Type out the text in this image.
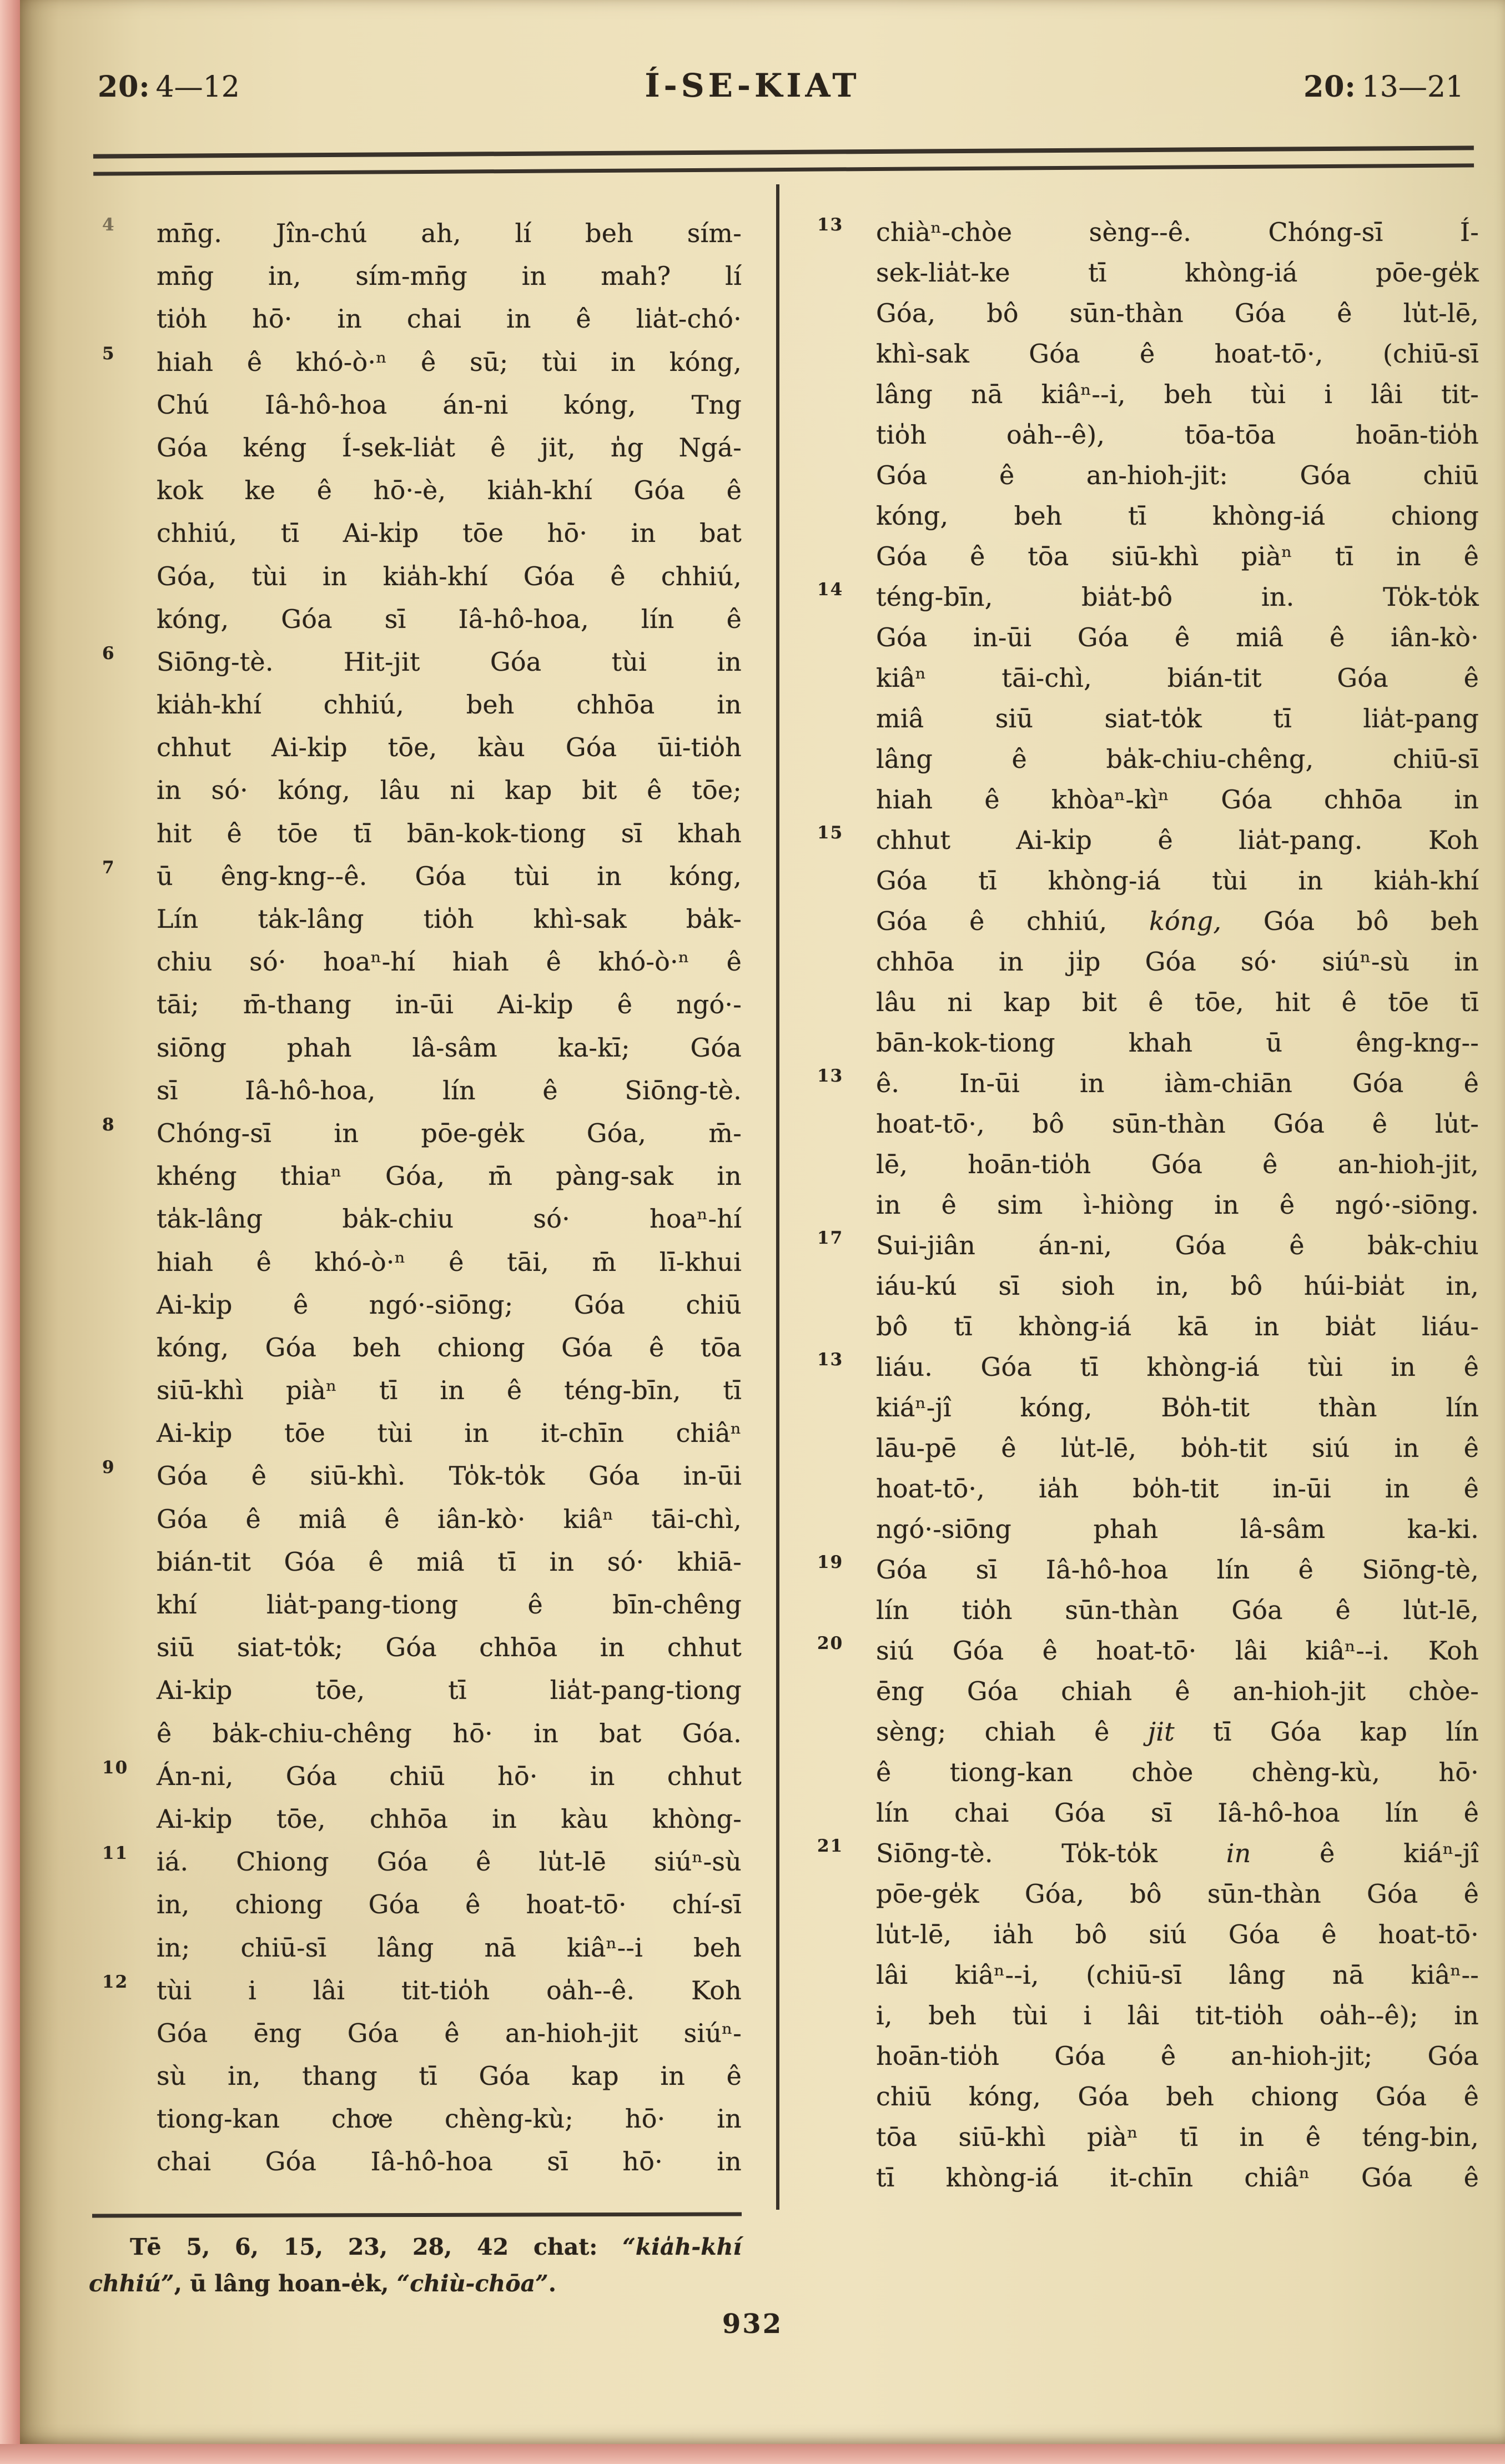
20: 4—12	Í-SE-KIAT	20: 13—21
4 mn̄g. Jîn-chú ah, lí beh sím-
mn̄g in, sím-mn̄g in mah? lí
tio̍h hō· in chai in ê lia̍t-chó·
5 hiah ê khó-ò·ⁿ ê sū; tùi in kóng,
Chú Iâ-hô-hoa án-ni kóng, Tng
Góa kéng Í-sek-lia̍t ê jit, n̍g Ngá-
kok ke ê hō·-è, kia̍h-khí Góa ê
chhiú, tī Ai-ki̍p tōe hō· in bat
Góa, tùi in kia̍h-khí Góa ê chhiú,
kóng, Góa sī Iâ-hô-hoa, lín ê
6 Siōng-tè. Hit-jit Góa tùi in
kia̍h-khí chhiú, beh chhōa in
chhut Ai-ki̍p tōe, kàu Góa ūi-tio̍h
in só· kóng, lâu ni kap bit ê tōe;
hit ê tōe tī bān-kok-tiong sī khah
7 ū êng-kng--ê. Góa tùi in kóng,
Lín ta̍k-lâng tio̍h khì-sak ba̍k-
chiu só· hoaⁿ-hí hiah ê khó-ò·ⁿ ê
tāi; m̄-thang in-ūi Ai-ki̍p ê ngó·-
siōng phah lâ-sâm ka-kī; Góa
sī Iâ-hô-hoa, lín ê Siōng-tè.
8 Chóng-sī in pōe-ge̍k Góa, m̄-
khéng thiaⁿ Góa, m̄ pàng-sak in
ta̍k-lâng ba̍k-chiu só· hoaⁿ-hí
hiah ê khó-ò·ⁿ ê tāi, m̄ lī-khui
Ai-ki̍p ê ngó·-siōng; Góa chiū
kóng, Góa beh chiong Góa ê tōa
siū-khì piàⁿ tī in ê téng-bīn, tī
Ai-ki̍p tōe tùi in it-chīn chiâⁿ
9 Góa ê siū-khì. To̍k-to̍k Góa in-ūi
Góa ê miâ ê iân-kò· kiâⁿ tāi-chì,
bián-tit Góa ê miâ tī in só· khiā-
khí lia̍t-pang-tiong ê bīn-chêng
siū siat-to̍k; Góa chhōa in chhut
Ai-ki̍p tōe, tī lia̍t-pang-tiong
ê ba̍k-chiu-chêng hō· in bat Góa.
10 Án-ni, Góa chiū hō· in chhut
Ai-ki̍p tōe, chhōa in kàu khòng-
11 iá. Chiong Góa ê lu̍t-lē siúⁿ-sù
in, chiong Góa ê hoat-tō· chí-sī
in; chiū-sī lâng nā kiâⁿ--i beh
12 tùi i lâi tit-tio̍h oa̍h--ê. Koh
Góa ēng Góa ê an-hioh-jit siúⁿ-
sù in, thang tī Góa kap in ê
tiong-kan chơe chèng-kù; hō· in
chai Góa Iâ-hô-hoa sī hō· in
13 chiàⁿ-chòe sèng--ê. Chóng-sī Í-
sek-lia̍t-ke tī khòng-iá pōe-ge̍k
Góa, bô sūn-thàn Góa ê lu̍t-lē,
khì-sak Góa ê hoat-tō·, (chiū-sī
lâng nā kiâⁿ--i, beh tùi i lâi tit-
tio̍h oa̍h--ê), tōa-tōa hoān-tio̍h
Góa ê an-hioh-jit: Góa chiū
kóng, beh tī khòng-iá chiong
Góa ê tōa siū-khì piàⁿ tī in ê
14 téng-bīn, bia̍t-bô in. To̍k-to̍k
Góa in-ūi Góa ê miâ ê iân-kò·
kiâⁿ tāi-chì, bián-tit Góa ê
miâ siū siat-to̍k tī lia̍t-pang
lâng ê ba̍k-chiu-chêng, chiū-sī
hiah ê khòaⁿ-kìⁿ Góa chhōa in
15 chhut Ai-ki̍p ê lia̍t-pang. Koh
Góa tī khòng-iá tùi in kia̍h-khí
Góa ê chhiú, kóng, Góa bô beh
chhōa in ji̍p Góa só· siúⁿ-sù in
lâu ni kap bit ê tōe, hit ê tōe tī
bān-kok-tiong khah ū êng-kng--
13 ê. In-ūi in iàm-chiān Góa ê
hoat-tō·, bô sūn-thàn Góa ê lu̍t-
lē, hoān-tio̍h Góa ê an-hioh-jit,
in ê sim ì-hiòng in ê ngó·-siōng.
17 Sui-jiân án-ni, Góa ê ba̍k-chiu
iáu-kú sī sioh in, bô húi-bia̍t in,
bô tī khòng-iá kā in bia̍t liáu-
13 liáu. Góa tī khòng-iá tùi in ê
kiáⁿ-jî kóng, Bo̍h-tit thàn lín
lāu-pē ê lu̍t-lē, bo̍h-tit siú in ê
hoat-tō·, ia̍h bo̍h-tit in-ūi in ê
ngó·-siōng phah lâ-sâm ka-ki.
19 Góa sī Iâ-hô-hoa lín ê Siōng-tè,
lín tio̍h sūn-thàn Góa ê lu̍t-lē,
20 siú Góa ê hoat-tō· lâi kiâⁿ--i. Koh
ēng Góa chiah ê an-hioh-jit chòe-
sèng; chiah ê jit tī Góa kap lín
ê tiong-kan chòe chèng-kù, hō·
lín chai Góa sī Iâ-hô-hoa lín ê
21 Siōng-tè. To̍k-to̍k in ê kiáⁿ-jî
pōe-ge̍k Góa, bô sūn-thàn Góa ê
lu̍t-lē, ia̍h bô siú Góa ê hoat-tō·
lâi kiâⁿ--i, (chiū-sī lâng nā kiâⁿ--
i, beh tùi i lâi tit-tio̍h oa̍h--ê); in
hoān-tio̍h Góa ê an-hioh-jit; Góa
chiū kóng, Góa beh chiong Góa ê
tōa siū-khì piàⁿ tī in ê téng-bin,
tī khòng-iá it-chīn chiâⁿ Góa ê
Tē 5, 6, 15, 23, 28, 42 chat: “kia̍h-khí
chhiú”, ū lâng hoan-e̍k, “chiù-chōa”.
932
